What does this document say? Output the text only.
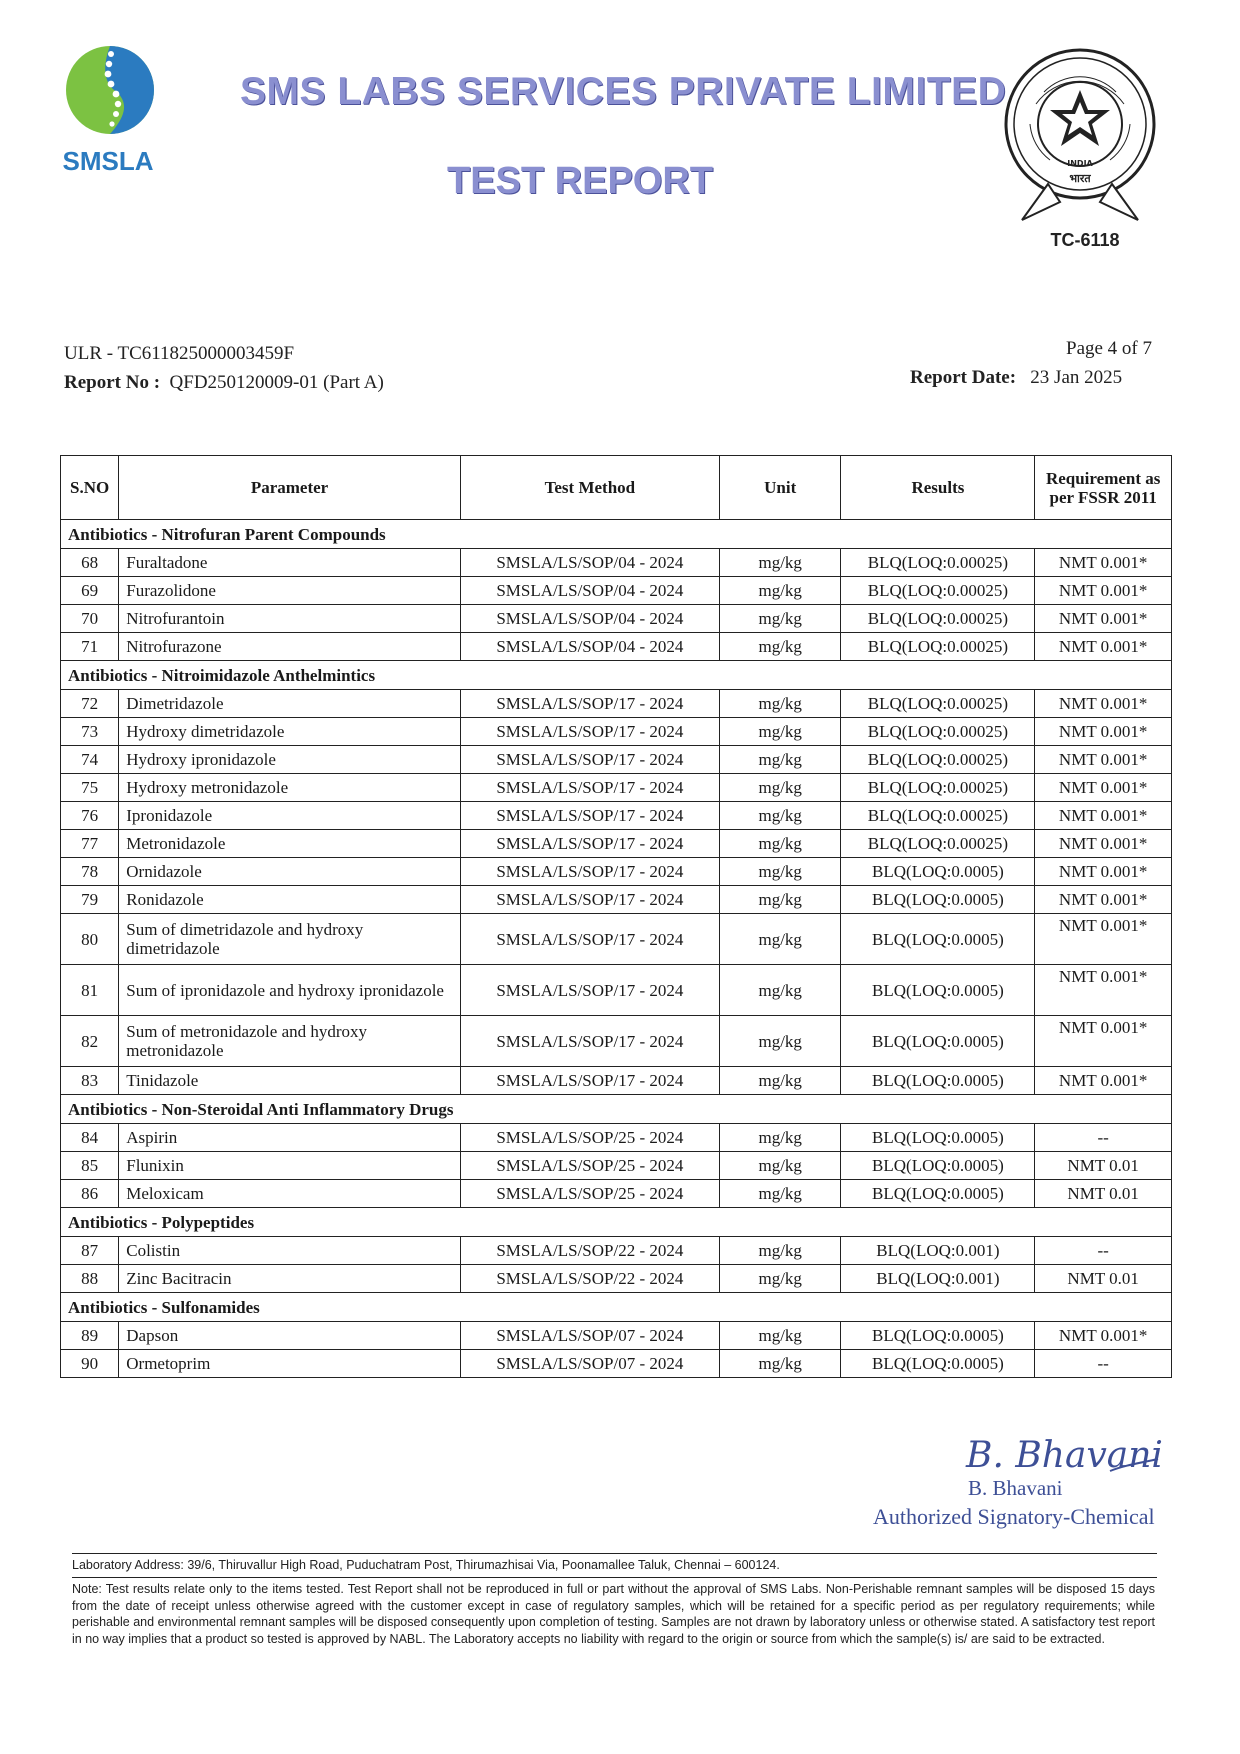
SMSLA
SMS LABS SERVICES PRIVATE LIMITED
TEST REPORT	INDIA
भारत
TC-6118
ULR - TC611825000003459F
Report No : QFD250120009-01 (Part A)
Page 4 of 7
Report Date: 23 Jan 2025
S.NO	Parameter	Test Method	Unit	Results	Requirement as per FSSR 2011
Antibiotics - Nitrofuran Parent Compounds					
68	Furaltadone	SMSLA/LS/SOP/04 - 2024	mg/kg	BLQ(LOQ:0.00025)	NMT 0.001*
69	Furazolidone	SMSLA/LS/SOP/04 - 2024	mg/kg	BLQ(LOQ:0.00025)	NMT 0.001*
70	Nitrofurantoin	SMSLA/LS/SOP/04 - 2024	mg/kg	BLQ(LOQ:0.00025)	NMT 0.001*
71	Nitrofurazone	SMSLA/LS/SOP/04 - 2024	mg/kg	BLQ(LOQ:0.00025)	NMT 0.001*
Antibiotics - Nitroimidazole Anthelmintics					
72	Dimetridazole	SMSLA/LS/SOP/17 - 2024	mg/kg	BLQ(LOQ:0.00025)	NMT 0.001*
73	Hydroxy dimetridazole	SMSLA/LS/SOP/17 - 2024	mg/kg	BLQ(LOQ:0.00025)	NMT 0.001*
74	Hydroxy ipronidazole	SMSLA/LS/SOP/17 - 2024	mg/kg	BLQ(LOQ:0.00025)	NMT 0.001*
75	Hydroxy metronidazole	SMSLA/LS/SOP/17 - 2024	mg/kg	BLQ(LOQ:0.00025)	NMT 0.001*
76	Ipronidazole	SMSLA/LS/SOP/17 - 2024	mg/kg	BLQ(LOQ:0.00025)	NMT 0.001*
77	Metronidazole	SMSLA/LS/SOP/17 - 2024	mg/kg	BLQ(LOQ:0.00025)	NMT 0.001*
78	Ornidazole	SMSLA/LS/SOP/17 - 2024	mg/kg	BLQ(LOQ:0.0005)	NMT 0.001*
79	Ronidazole	SMSLA/LS/SOP/17 - 2024	mg/kg	BLQ(LOQ:0.0005)	NMT 0.001*
80	Sum of dimetridazole and hydroxy dimetridazole	SMSLA/LS/SOP/17 - 2024	mg/kg	BLQ(LOQ:0.0005)	NMT 0.001*
81	Sum of ipronidazole and hydroxy ipronidazole	SMSLA/LS/SOP/17 - 2024	mg/kg	BLQ(LOQ:0.0005)	NMT 0.001*
82	Sum of metronidazole and hydroxy metronidazole	SMSLA/LS/SOP/17 - 2024	mg/kg	BLQ(LOQ:0.0005)	NMT 0.001*
83	Tinidazole	SMSLA/LS/SOP/17 - 2024	mg/kg	BLQ(LOQ:0.0005)	NMT 0.001*
Antibiotics - Non-Steroidal Anti Inflammatory Drugs					
84	Aspirin	SMSLA/LS/SOP/25 - 2024	mg/kg	BLQ(LOQ:0.0005)	--
85	Flunixin	SMSLA/LS/SOP/25 - 2024	mg/kg	BLQ(LOQ:0.0005)	NMT 0.01
86	Meloxicam	SMSLA/LS/SOP/25 - 2024	mg/kg	BLQ(LOQ:0.0005)	NMT 0.01
Antibiotics - Polypeptides					
87	Colistin	SMSLA/LS/SOP/22 - 2024	mg/kg	BLQ(LOQ:0.001)	--
88	Zinc Bacitracin	SMSLA/LS/SOP/22 - 2024	mg/kg	BLQ(LOQ:0.001)	NMT 0.01
Antibiotics - Sulfonamides					
89	Dapson	SMSLA/LS/SOP/07 - 2024	mg/kg	BLQ(LOQ:0.0005)	NMT 0.001*
90	Ormetoprim	SMSLA/LS/SOP/07 - 2024	mg/kg	BLQ(LOQ:0.0005)	--
B. Bhavani
B. Bhavani
Authorized Signatory-Chemical
Laboratory Address: 39/6, Thiruvallur High Road, Puduchatram Post, Thirumazhisai Via, Poonamallee Taluk, Chennai – 600124.
Note: Test results relate only to the items tested. Test Report shall not be reproduced in full or part without the approval of SMS Labs. Non-Perishable remnant samples will be disposed 15 days from the date of receipt unless otherwise agreed with the customer except in case of regulatory samples, which will be retained for a specific period as per regulatory requirements; while perishable and environmental remnant samples will be disposed consequently upon completion of testing. Samples are not drawn by laboratory unless or otherwise stated. A satisfactory test report in no way implies that a product so tested is approved by NABL. The Laboratory accepts no liability with regard to the origin or source from which the sample(s) is/ are said to be extracted.
